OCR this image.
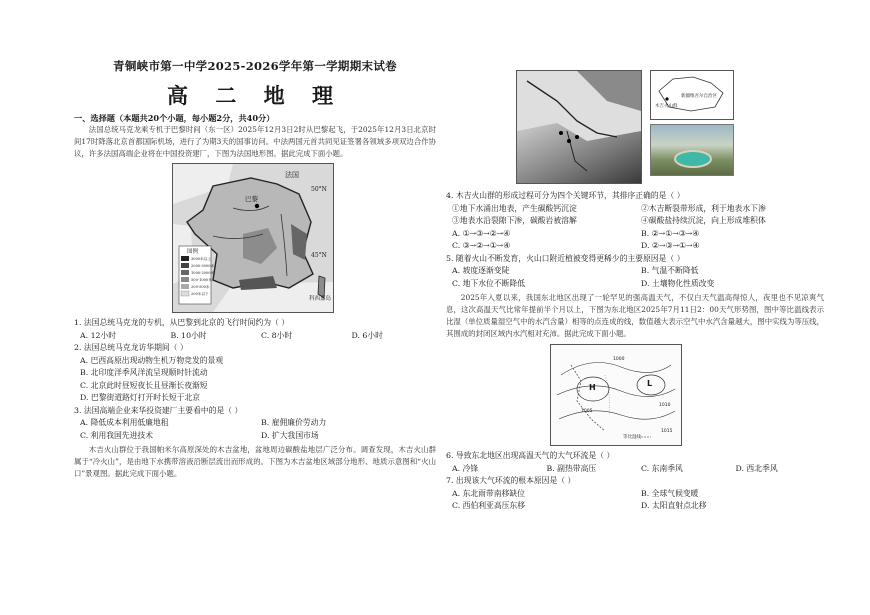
青铜峡市第一中学2025-2026学年第一学期期末试卷
高 二 地 理
一、选择题（本题共20个小题，每小题2分，共40分）

法国总统马克龙乘专机于巴黎时间（东一区）2025年12月3日2时从巴黎起飞，于2025年12月3日北京时间17时降落北京首都国际机场，进行了为期3天的国事访问。中法两国元首共同见证签署各领域多项双边合作协议，许多法国高端企业将在中国投资建厂，下图为法国地形图。据此完成下面小题。

法国
50°N
45°N
巴黎
科西嘉岛
图例
3000米以上
2000-3000米
1000-2000米
500-1000米
200-500米
200米以下

1. 法国总统马克龙的专机，从巴黎到北京的飞行时间约为（ ）

A. 12小时	B. 10小时	C. 8小时	D. 6小时

2. 法国总统马克龙访华期间（ ）

A. 巴西高原出现动物生机万物竞发的景观
B. 北印度洋季风洋流呈现顺时针流动
C. 北京此时昼短夜长且昼渐长夜渐短
D. 巴黎街道路灯打开时长短于北京

3. 法国高端企业来华投资建厂主要看中的是（ ）

A. 降低成本利用低廉地租	B. 雇佣廉价劳动力
C. 利用我国先进技术	D. 扩大我国市场

木吉火山群位于我国帕米尔高原深处的木吉盆地，盆地周边碳酸盐地层广泛分布。调查发现，木吉火山群属于“冷火山”，是由地下水携带溶液沿断层流出而形成的。下图为木吉盆地区域部分地形、地质示意图和“火山口”景观图。据此完成下面小题。

木吉火山群
新疆维吾尔自治区

4. 木吉火山群的形成过程可分为四个关键环节，其排序正确的是（ ）

①地下水涌出地表，产生碳酸钙沉淀	②木吉断裂带形成，利于地表水下渗
③地表水沿裂隙下渗，碳酸岩被溶解	④碳酸盐持续沉淀，向上形成堆积体
A. ①→③→②→④	B. ②→①→③→④
C. ③→②→①→④	D. ②→③→①→④

5. 随着火山不断发育，火山口附近植被变得更稀少的主要原因是（ ）

A. 坡度逐渐变陡	B. 气温不断降低
C. 地下水位不断降低	D. 土壤物化性质改变

2025年入夏以来，我国东北地区出现了一轮罕见的强高温天气，不仅白天气温高得惊人，夜里也不见凉爽气息，这次高温天气比常年提前半个月以上，下图为东北地区2025年7月11日2：00天气形势图，图中等比温线表示比湿（单位质量湿空气中的水汽含量）相等的点连成的线，数值越大表示空气中水汽含量越大，图中实线为等压线，其围成的封闭区域内水汽相对充沛。据此完成下面小题。

H	L
1000
1005
1010
1015
等比湿线

6. 导致东北地区出现高温天气的大气环流是（ ）

A. 冷锋	B. 副热带高压	C. 东南季风	D. 西北季风

7. 出现该大气环流的根本原因是（ ）

A. 东北雨带南移缺位	B. 全球气候变暖
C. 西伯利亚高压东移	D. 太阳直射点北移
